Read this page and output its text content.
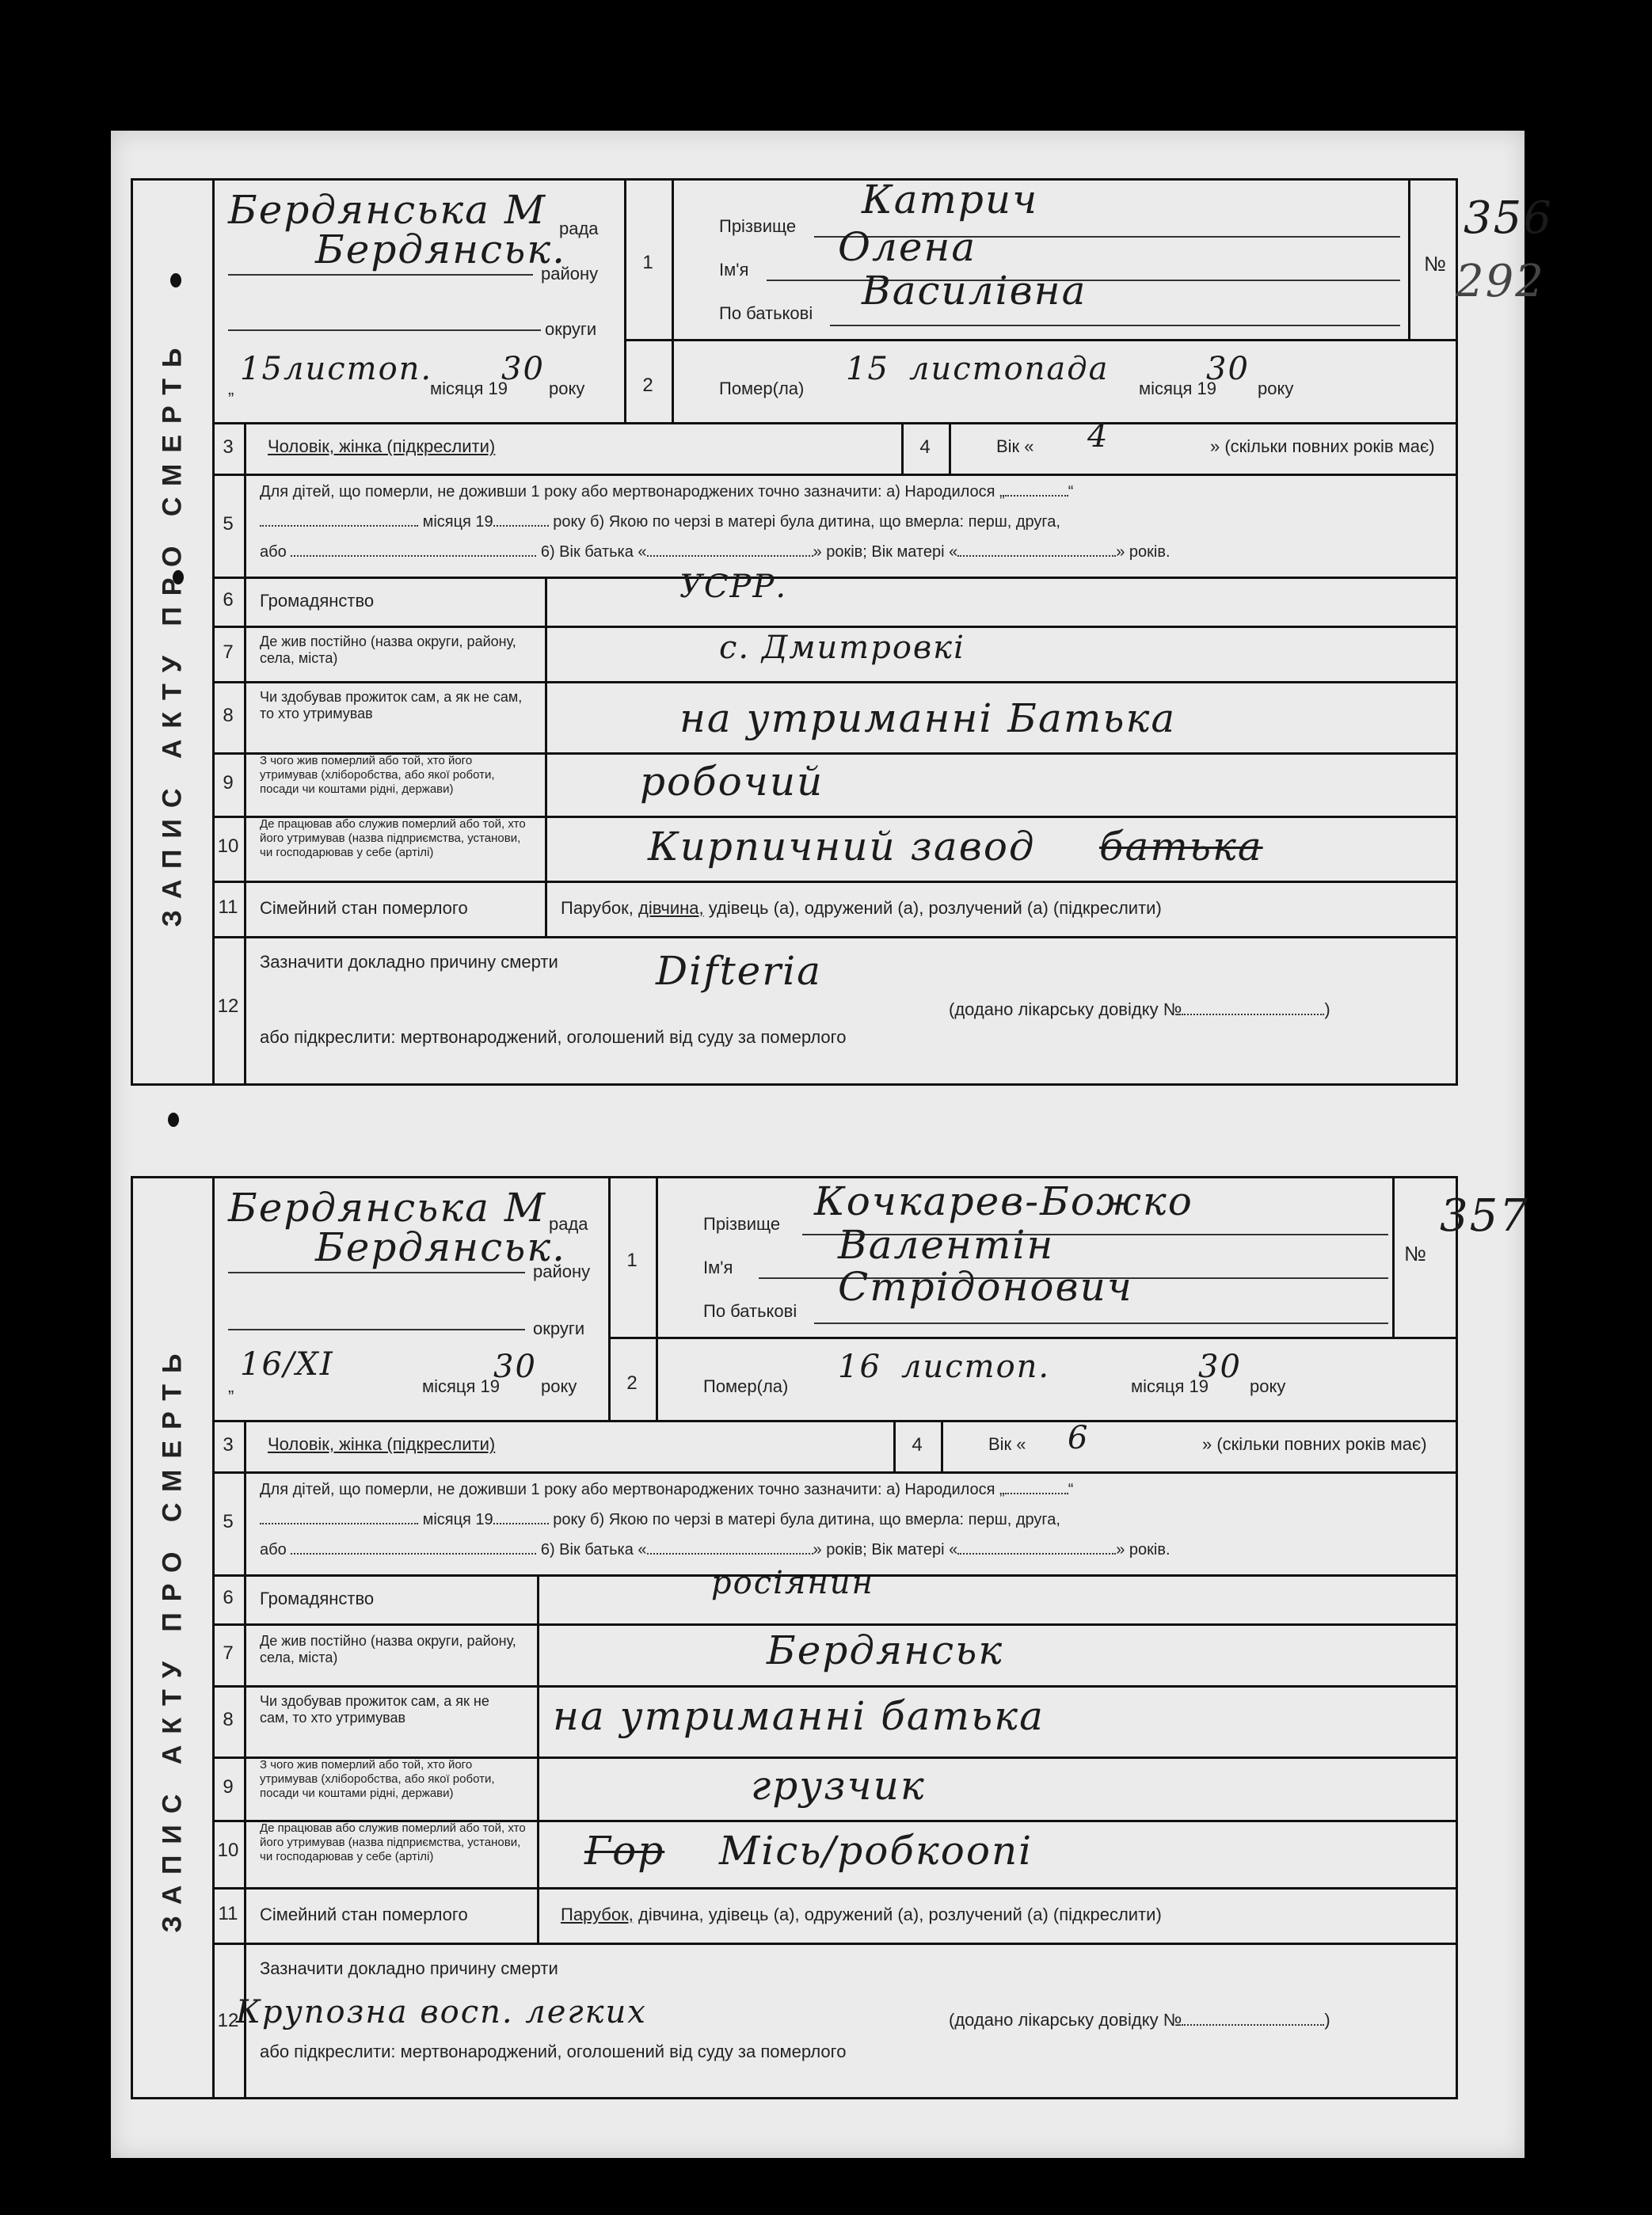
ЗАПИС АКТУ ПРО СМЕРТЬ
Бердянська М рада
Бердянськ.
району
округи
1
Прізвище
Катрич
Ім'я Олена
По батькові Василівна
№
356
292
„
15 листоп.
місяця 19
30
року	2	Помер(ла)
15 листопада
місяця 19
30
року
3	Чоловік, жінка (підкреслити)	4	Вік « 4	» (скільки повних років має)
5
Для дітей, що померли, не доживши 1 року або мертвонароджених точно зазначити: а) Народилося „	“
місяця 19	року б) Якою по черзі в матері була дитина, що вмерла: перш, друга,
або	6) Вік батька «	» років; Вік матері «	» років.
6	Громадянство	УСРР.
7	Де жив постійно (назва округи, району, села, міста)	с. Дмитровкі
8
Чи здобував прожиток сам, а як не сам, то хто утримував	на утриманні Батька
9
З чого жив померлий або той, хто його утримував (хліборобства, або якої роботи, посади чи коштами рідні, держави)	робочий
10
Де працював або служив померлий або той, хто його утримував (назва підприємства, установи, чи господарював у себе (артілі)	Кирпичний завод батька
11	Сімейний стан померлого	Парубок, дівчина, удівець (а), одружений (а), розлучений (а) (підкреслити)
12
Зазначити докладно причину смерти Difteria
(додано лікарську довідку №	)
або підкреслити: мертвонароджений, оголошений від суду за померлого
ЗАПИС АКТУ ПРО СМЕРТЬ
Бердянська М рада
Бердянськ.
району
округи
1
Прізвище Кочкарев-Божко
Ім'я	Валентін
По батькові
Стрідонович
№
357
„
16/XI
місяця 19
30
року	2	Помер(ла)
16 листоп.
місяця 19
30
року
3	Чоловік, жінка (підкреслити)	4	Вік « 6	» (скільки повних років має)
5
Для дітей, що померли, не доживши 1 року або мертвонароджених точно зазначити: а) Народилося „	“
місяця 19	року б) Якою по черзі в матері була дитина, що вмерла: перш, друга,
або	6) Вік батька «	» років; Вік матері «	» років.
6	Громадянство	росіянин
7
Де жив постійно (назва округи, району, села, міста)	Бердянськ
8
Чи здобував прожиток сам, а як не сам, то хто утримував	на утриманні батька
9
З чого жив померлий або той, хто його утримував (хліборобства, або якої роботи, посади чи коштами рідні, держави)	грузчик
10
Де працював або служив померлий або той, хто його утримував (назва підприємства, установи, чи господарював у себе (артілі)	Гор Місь/робкоопі
11	Сімейний стан померлого	Парубок, дівчина, удівець (а), одружений (а), розлучений (а) (підкреслити)
12
Зазначити докладно причину смерти
Крупозна восп. легких	(додано лікарську довідку №	)
або підкреслити: мертвонароджений, оголошений від суду за померлого
